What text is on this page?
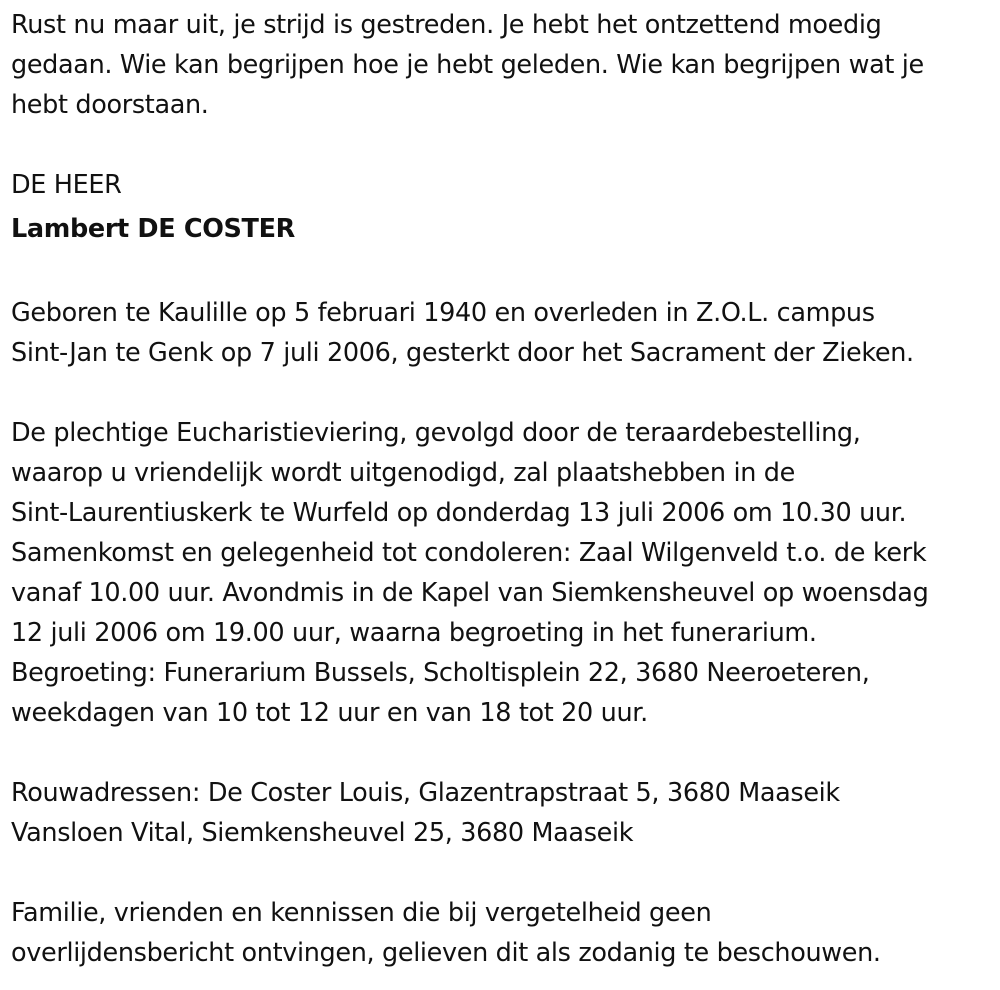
Rust nu maar uit, je strijd is gestreden. Je hebt het ontzettend moedig
gedaan. Wie kan begrijpen hoe je hebt geleden. Wie kan begrijpen wat je
hebt doorstaan.
DE HEER
Lambert DE COSTER
Geboren te Kaulille op 5 februari 1940 en overleden in Z.O.L. campus
Sint-Jan te Genk op 7 juli 2006, gesterkt door het Sacrament der Zieken.
De plechtige Eucharistieviering, gevolgd door de teraardebestelling,
waarop u vriendelijk wordt uitgenodigd, zal plaatshebben in de
Sint-Laurentiuskerk te Wurfeld op donderdag 13 juli 2006 om 10.30 uur.
Samenkomst en gelegenheid tot condoleren: Zaal Wilgenveld t.o. de kerk
vanaf 10.00 uur. Avondmis in de Kapel van Siemkensheuvel op woensdag
12 juli 2006 om 19.00 uur, waarna begroeting in het funerarium.
Begroeting: Funerarium Bussels, Scholtisplein 22, 3680 Neeroeteren,
weekdagen van 10 tot 12 uur en van 18 tot 20 uur.
Rouwadressen: De Coster Louis, Glazentrapstraat 5, 3680 Maaseik
Vansloen Vital, Siemkensheuvel 25, 3680 Maaseik
Familie, vrienden en kennissen die bij vergetelheid geen
overlijdensbericht ontvingen, gelieven dit als zodanig te beschouwen.
